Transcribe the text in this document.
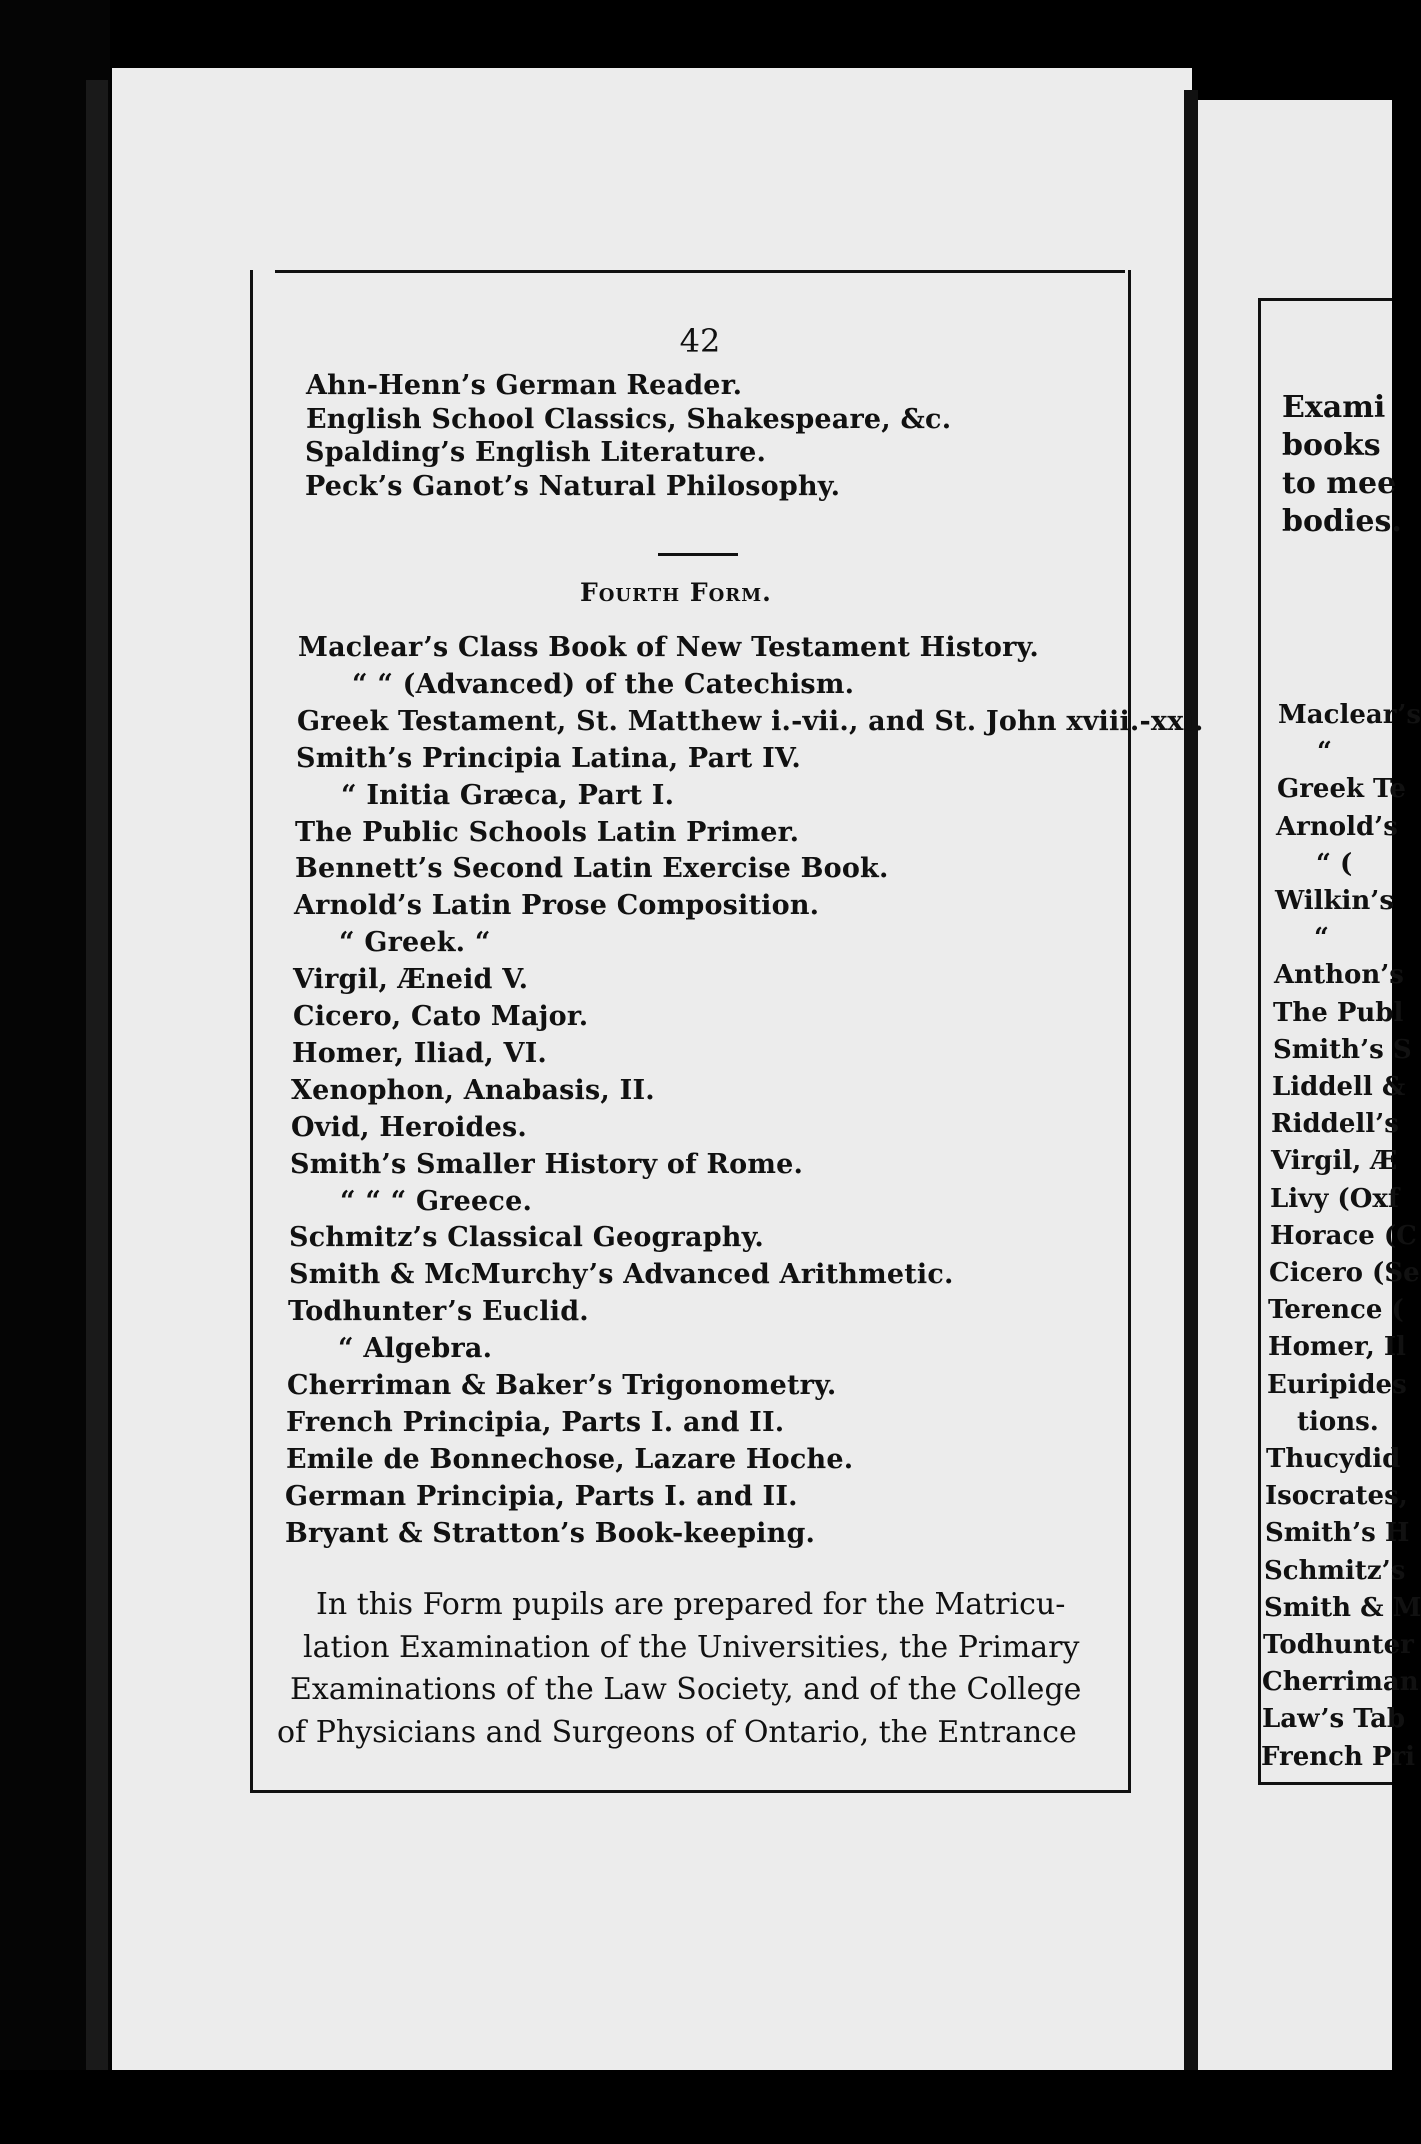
42
Ahn-Henn’s German Reader.
English School Classics, Shakespeare, &c.
Spalding’s English Literature.
Peck’s Ganot’s Natural Philosophy.
Fourth Form.
Maclear’s Class Book of New Testament History.
“ “ (Advanced) of the Catechism.
Greek Testament, St. Matthew i.-vii., and St. John xviii.-xxi.
Smith’s Principia Latina, Part IV.
“ Initia Græca, Part I.
The Public Schools Latin Primer.
Bennett’s Second Latin Exercise Book.
Arnold’s Latin Prose Composition.
“ Greek. “
Virgil, Æneid V.
Cicero, Cato Major.
Homer, Iliad, VI.
Xenophon, Anabasis, II.
Ovid, Heroides.
Smith’s Smaller History of Rome.
“ “ “ Greece.
Schmitz’s Classical Geography.
Smith & McMurchy’s Advanced Arithmetic.
Todhunter’s Euclid.
“ Algebra.
Cherriman & Baker’s Trigonometry.
French Principia, Parts I. and II.
Emile de Bonnechose, Lazare Hoche.
German Principia, Parts I. and II.
Bryant & Stratton’s Book-keeping.
In this Form pupils are prepared for the Matricu-
lation Examination of the Universities, the Primary
Examinations of the Law Society, and of the College
of Physicians and Surgeons of Ontario, the Entrance
Exami
books
to mee
bodies.
Maclear’s
“
Greek Te
Arnold’s
“ (
Wilkin’s
“
Anthon’s
The Publ
Smith’s S
Liddell &
Riddell’s
Virgil, Æ
Livy (Oxf
Horace (C
Cicero (Se
Terence (
Homer, Il
Euripides
tions.
Thucydid
Isocrates,
Smith’s H
Schmitz’s
Smith & M
Todhunter
Cherriman
Law’s Tab
French Pri
